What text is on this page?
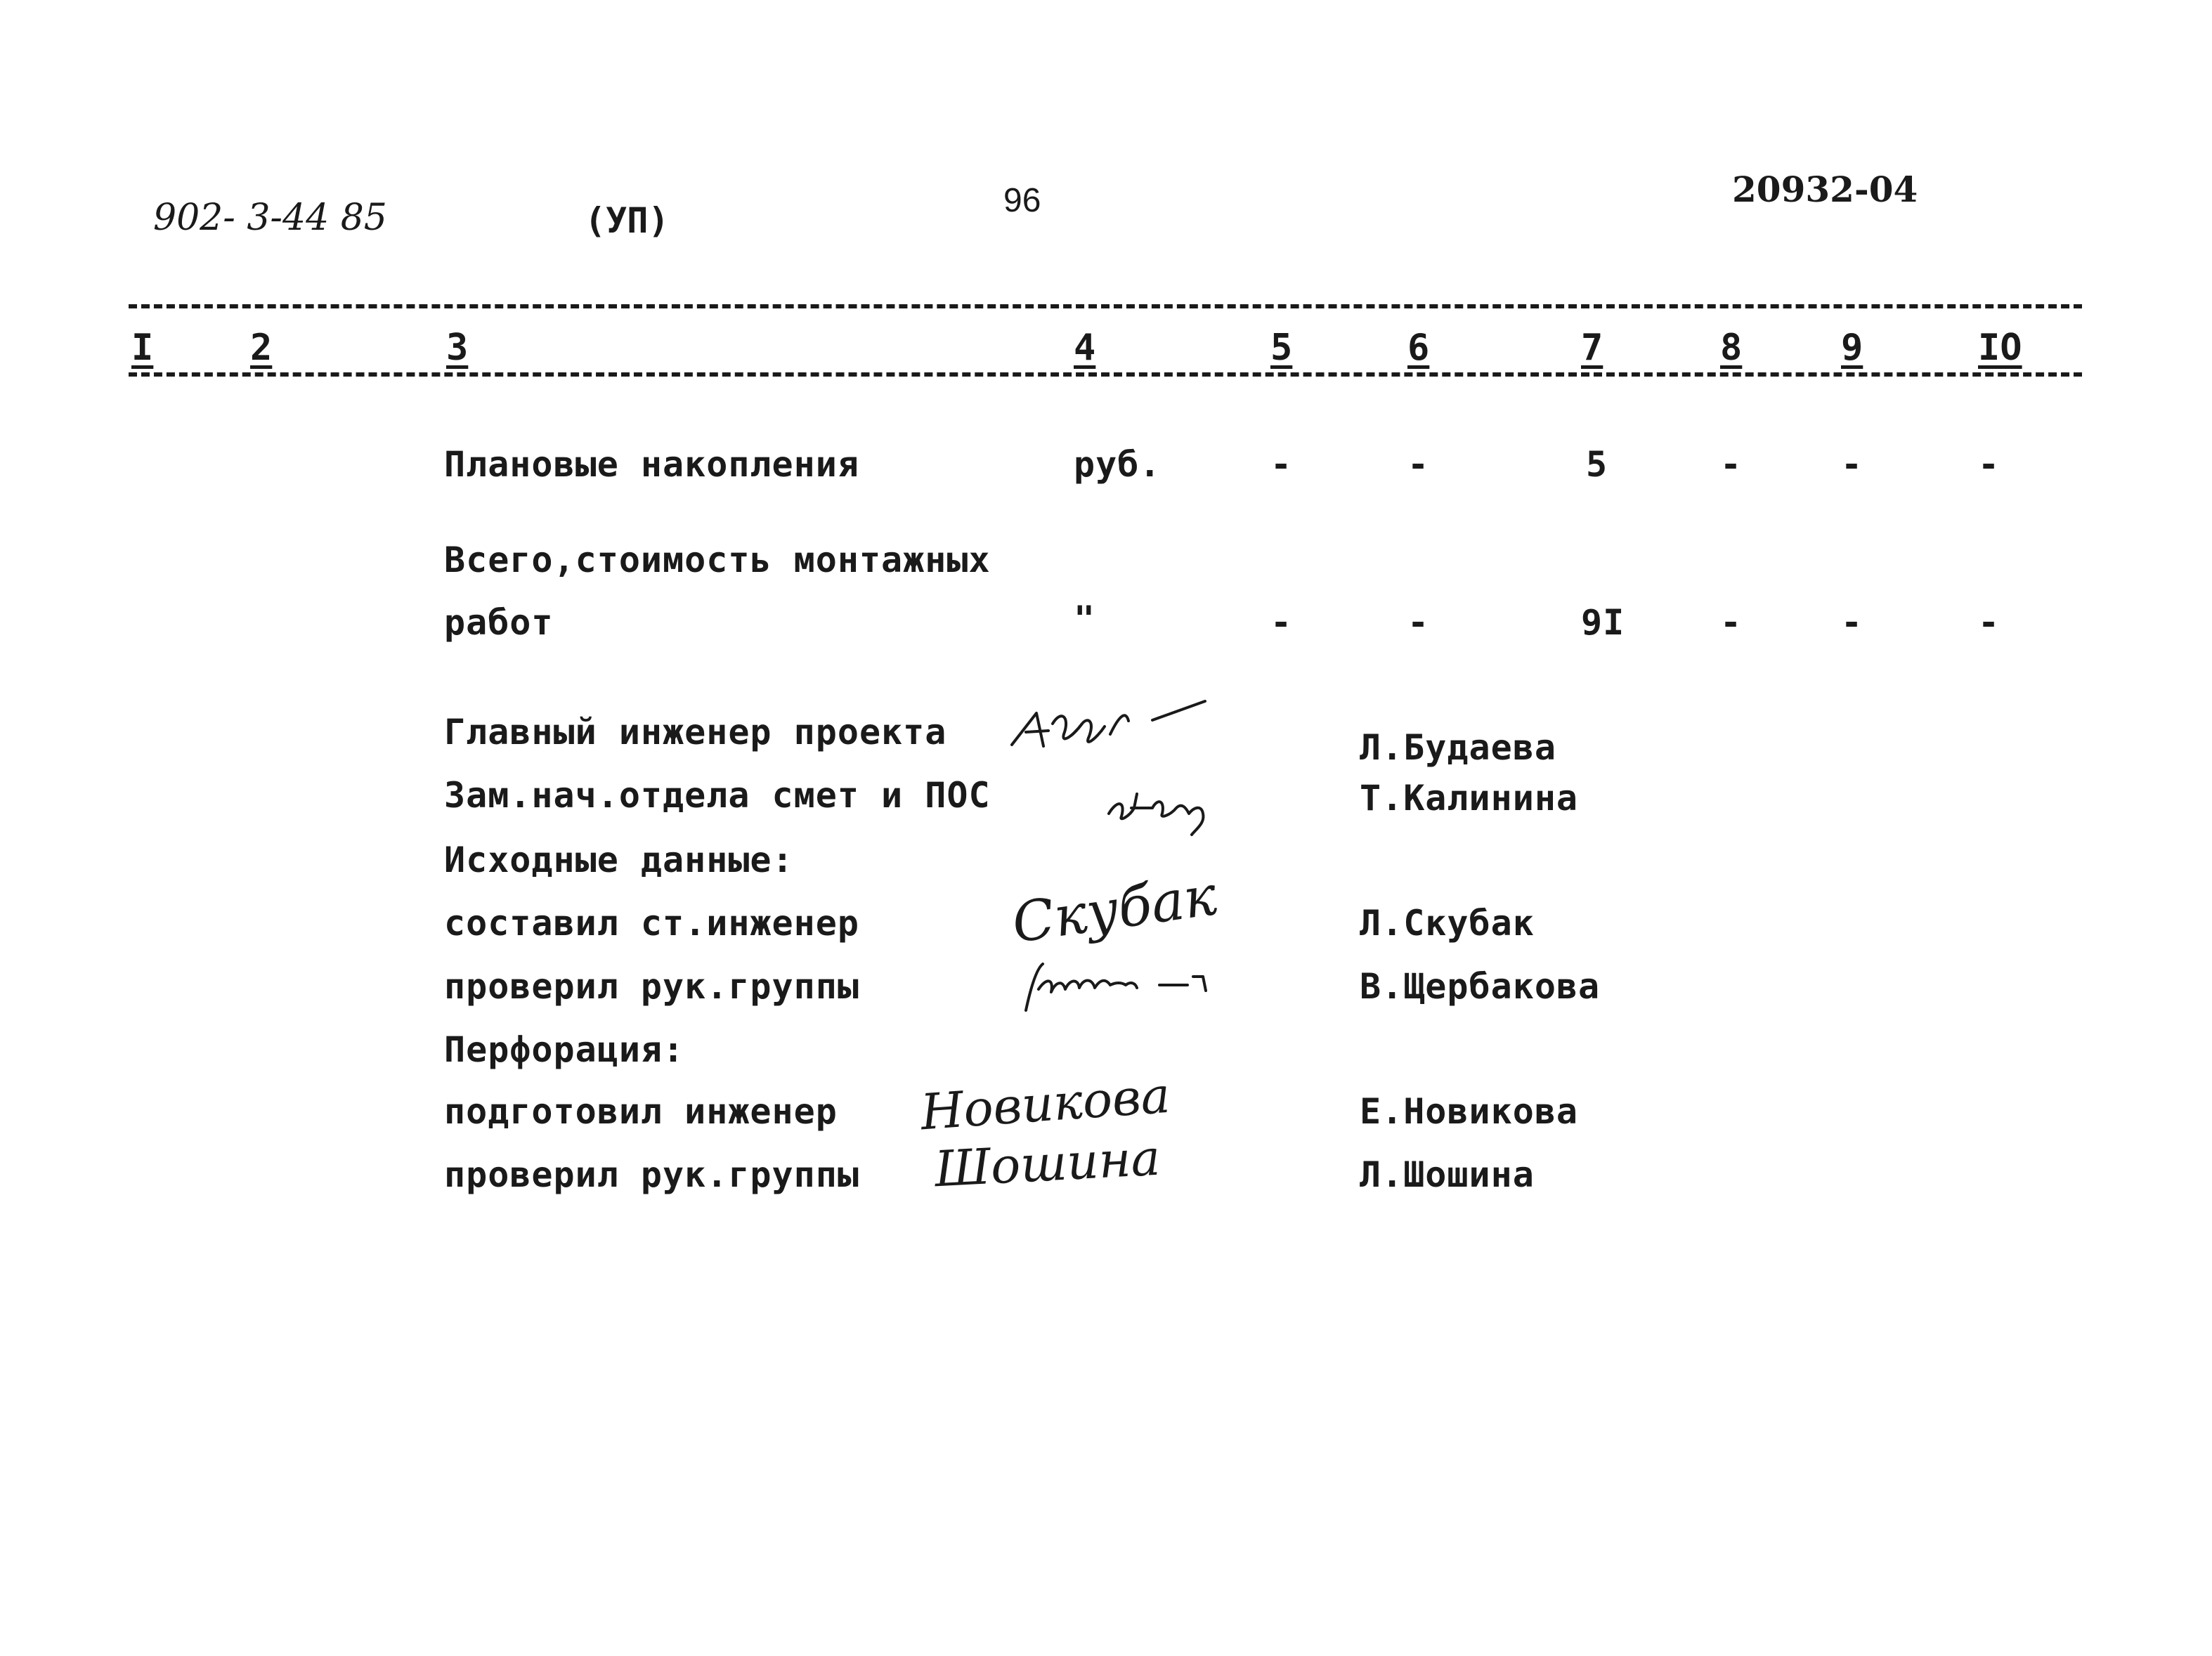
902- 3-44 85	(УП)	96	20932-04
I	2	3	4	5	6	7	8	9	IO
Плановые накопления	руб.	-	-	5	-	-	-
Всего,стоимость монтажных
работ	"	-	-	9I	-	-	-
Главный инженер проекта	Л.Будаева
Зам.нач.отдела смет и ПОС	Т.Калинина
Исходные данные:
составил ст.инженер	Л.Скубак
проверил рук.группы	В.Щербакова
Перфорация:
подготовил инженер	Е.Новикова
проверил рук.группы	Л.Шошина
Скубак
Новикова
Шошина
